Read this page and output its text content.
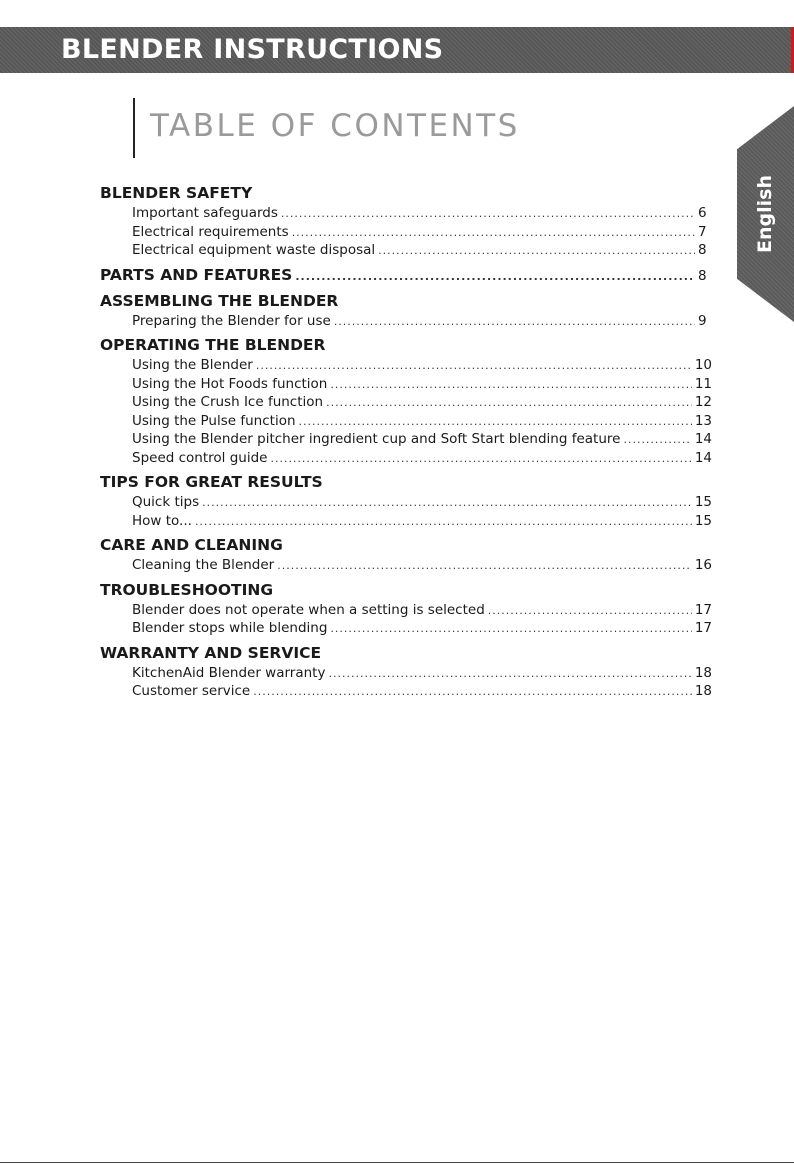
BLENDER INSTRUCTIONS
TABLE OF CONTENTS
English
BLENDER SAFETY
Important safeguards .....	6
Electrical requirements .....	7
Electrical equipment waste disposal .....	8
PARTS AND FEATURES .....	8
ASSEMBLING THE BLENDER
Preparing the Blender for use .....	9
OPERATING THE BLENDER
Using the Blender .....	10
Using the Hot Foods function .....	11
Using the Crush Ice function .....	12
Using the Pulse function .....	13
Using the Blender pitcher ingredient cup and Soft Start blending feature .....	14
Speed control guide .....	14
TIPS FOR GREAT RESULTS
Quick tips .....	15
How to... .....	15
CARE AND CLEANING
Cleaning the Blender .....	16
TROUBLESHOOTING
Blender does not operate when a setting is selected .....	17
Blender stops while blending .....	17
WARRANTY AND SERVICE
KitchenAid Blender warranty .....	18
Customer service .....	18
